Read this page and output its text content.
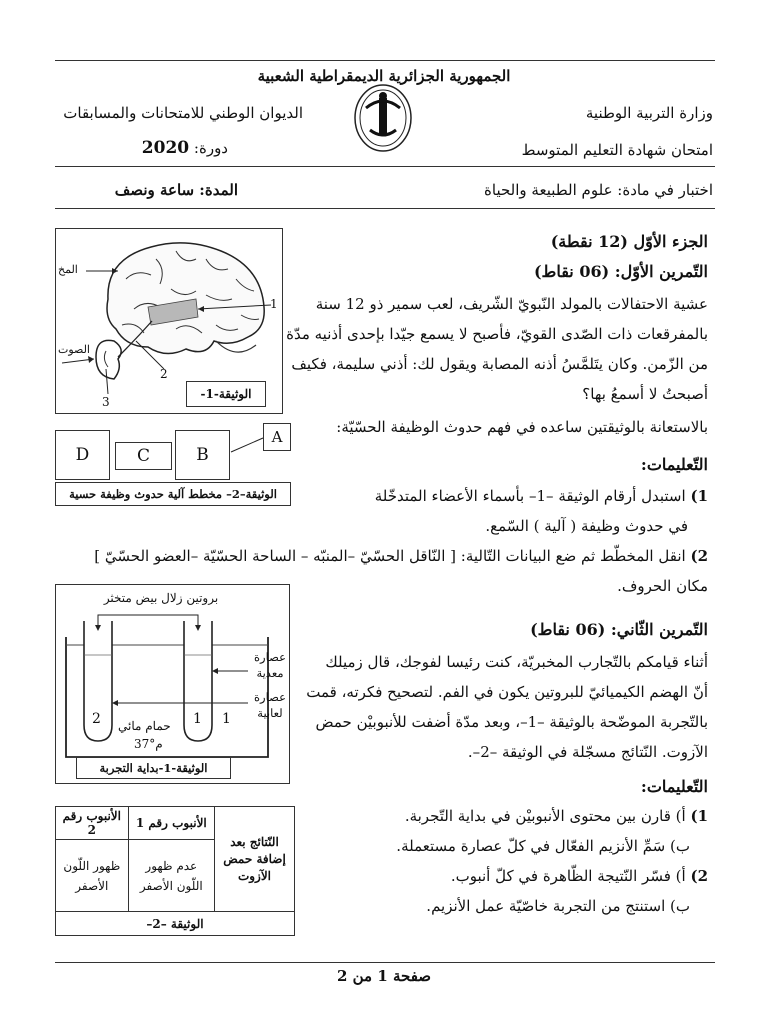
الجمهورية الجزائرية الديمقراطية الشعبية
وزارة التربية الوطنية
الديوان الوطني للامتحانات والمسابقات
امتحان شهادة التعليم المتوسط
دورة: 2020
اختبار في مادة: علوم الطبيعة والحياة
المدة: ساعة ونصف
الجزء الأوّل (12 نقطة)
التّمرين الأوّل: (06 نقاط)
عشية الاحتفالات بالمولد النّبويّ الشّريف، لعب سمير ذو 12 سنة
بالمفرقعات ذات الصّدى القويّ، فأصبح لا يسمع جيّدا بإحدى أذنيه مدّة
من الزّمن. وكان يتَلمَّسُ أذنه المصابة ويقول لك: أذني سليمة، فكيف
أصبحتُ لا أسمعُ بها؟
بالاستعانة بالوثيقتين ساعده في فهم حدوث الوظيفة الحسّيّة:
التّعليمات:
1) استبدل أرقام الوثيقة –1– بأسماء الأعضاء المتدخّلة
في حدوث وظيفة ( آلية ) السّمع.
2) انقل المخطّط ثم ضع البيانات التّالية: [ النّاقل الحسّيّ –المنبّه – الساحة الحسّيّة –العضو الحسّيّ ]
مكان الحروف.
المخ
الصوت
1
2
3
الوثيقة-1-
D	C	B
A
الوثيقة–2– مخطط آلية حدوث وظيفة حسية
التّمرين الثّاني: (06 نقاط)
أثناء قيامكم بالتّجارب المخبريّة، كنت رئيسا لفوجك، قال زميلك
أنّ الهضم الكيميائيّ للبروتين يكون في الفم. لتصحيح فكرته، قمت
بالتّجربة الموضّحة بالوثيقة –1–، وبعد مدّة أضفت للأنبوبيْن حمض
الآزوت. النّتائج مسجّلة في الوثيقة –2–.
التّعليمات:
1) أ) قارن بين محتوى الأنبوبيْن في بداية التّجربة.
ب) سَمِّ الأنزيم الفعّال في كلّ عصارة مستعملة.
2) أ) فسّر النّتيجة الظّاهرة في كلّ أنبوب.
ب) استنتج من التجربة خاصّيّة عمل الأنزيم.
بروتين زلال بيض متخثر
عصارة معدية
عصارة لعابية
2	1 1
حمام مائي
37°م
الوثيقة-1-بداية التجربة
النّتائج بعد إضافة حمض الآزوت	الأنبوب رقم 1	الأنبوب رقم 2
	عدم ظهور اللّون الأصفر	ظهور اللّون الأصفر
الوثيقة –2–		
صفحة 1 من 2
